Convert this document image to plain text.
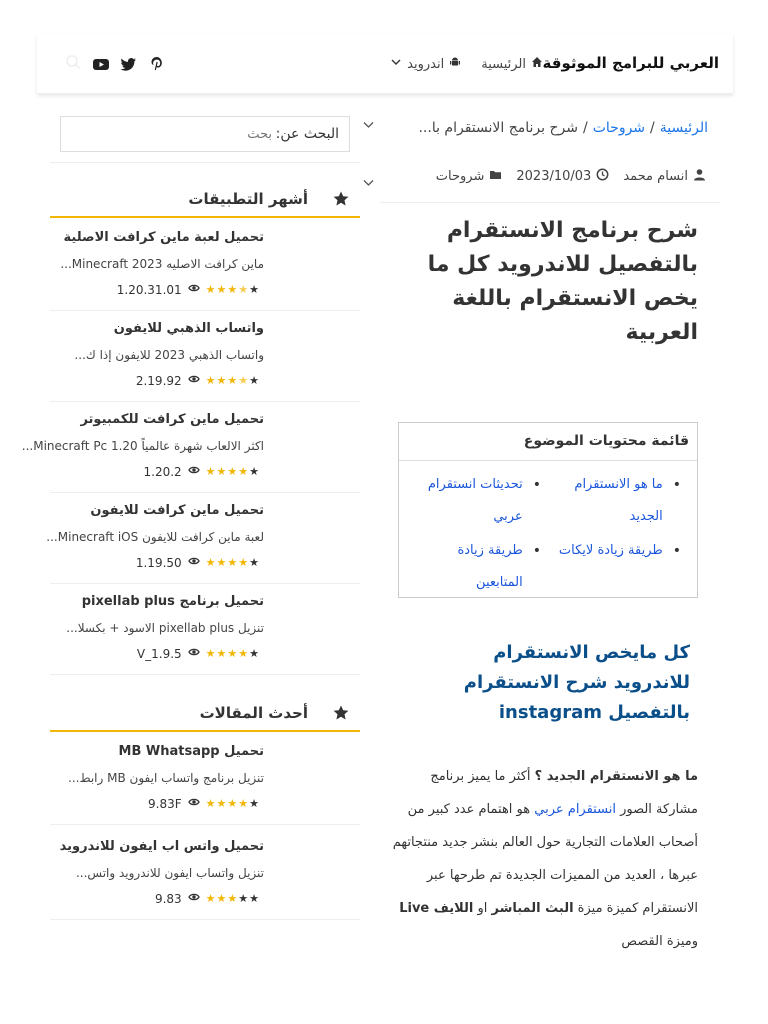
العربي للبرامج الموثوقة
الرئيسية
اندرويد
الرئيسية/شروحات/شرح برنامج الانستقرام با...
انسام محمد
2023/10/03
شروحات
شرح برنامج الانستقرام بالتفصيل للاندرويد كل ما يخص الانستقرام باللغة العربية
قائمة محتويات الموضوع
•
ما هو الانستقرام الجديد
•
تحديثات انستقرام عربي
•
طريقة زيادة لايكات
•
طريقة زيادة المتابعين
كل مايخص الانستقرام للاندرويد شرح الانستقرام بالتفصيل instagram

ما هو الانستقرام الجديد ؟ أكثر ما يميز برنامج مشاركة الصور انستقرام عربي هو اهتمام عدد كبير من أصحاب العلامات التجارية حول العالم بنشر جديد منتجاتهم عبرها ، العديد من المميزات الجديدة تم طرحها عبر الانستقرام كميزة ميزة البث المباشر او اللايف Live وميزة القصص

البحث عن:
بحث
أشهر التطبيقات
تحميل لعبة ماين كرافت الاصلية
ماين كرافت الاصليه Minecraft 2023...
1.20.31.01 ★★★★★
واتساب الذهبي للايفون
واتساب الذهبي 2023 للايفون إذا ك...
2.19.92 ★★★★★
تحميل ماين كرافت للكمبيوتر
اكثر الالعاب شهرة عالمياً Minecraft Pc 1.20...
1.20.2 ★★★★★
تحميل ماين كرافت للايفون
لعبة ماين كرافت للايفون Minecraft iOS...
1.19.50 ★★★★★
تحميل برنامج pixellab plus
تنزيل pixellab plus الاسود + بكسلا...
V_1.9.5 ★★★★★
أحدث المقالات
تحميل MB Whatsapp
تنزيل برنامج واتساب ايفون MB رابط...
9.83F ★★★★★
تحميل واتس اب ايفون للاندرويد
تنزيل واتساب ايفون للاندرويد واتس...
9.83 ★★★★★
